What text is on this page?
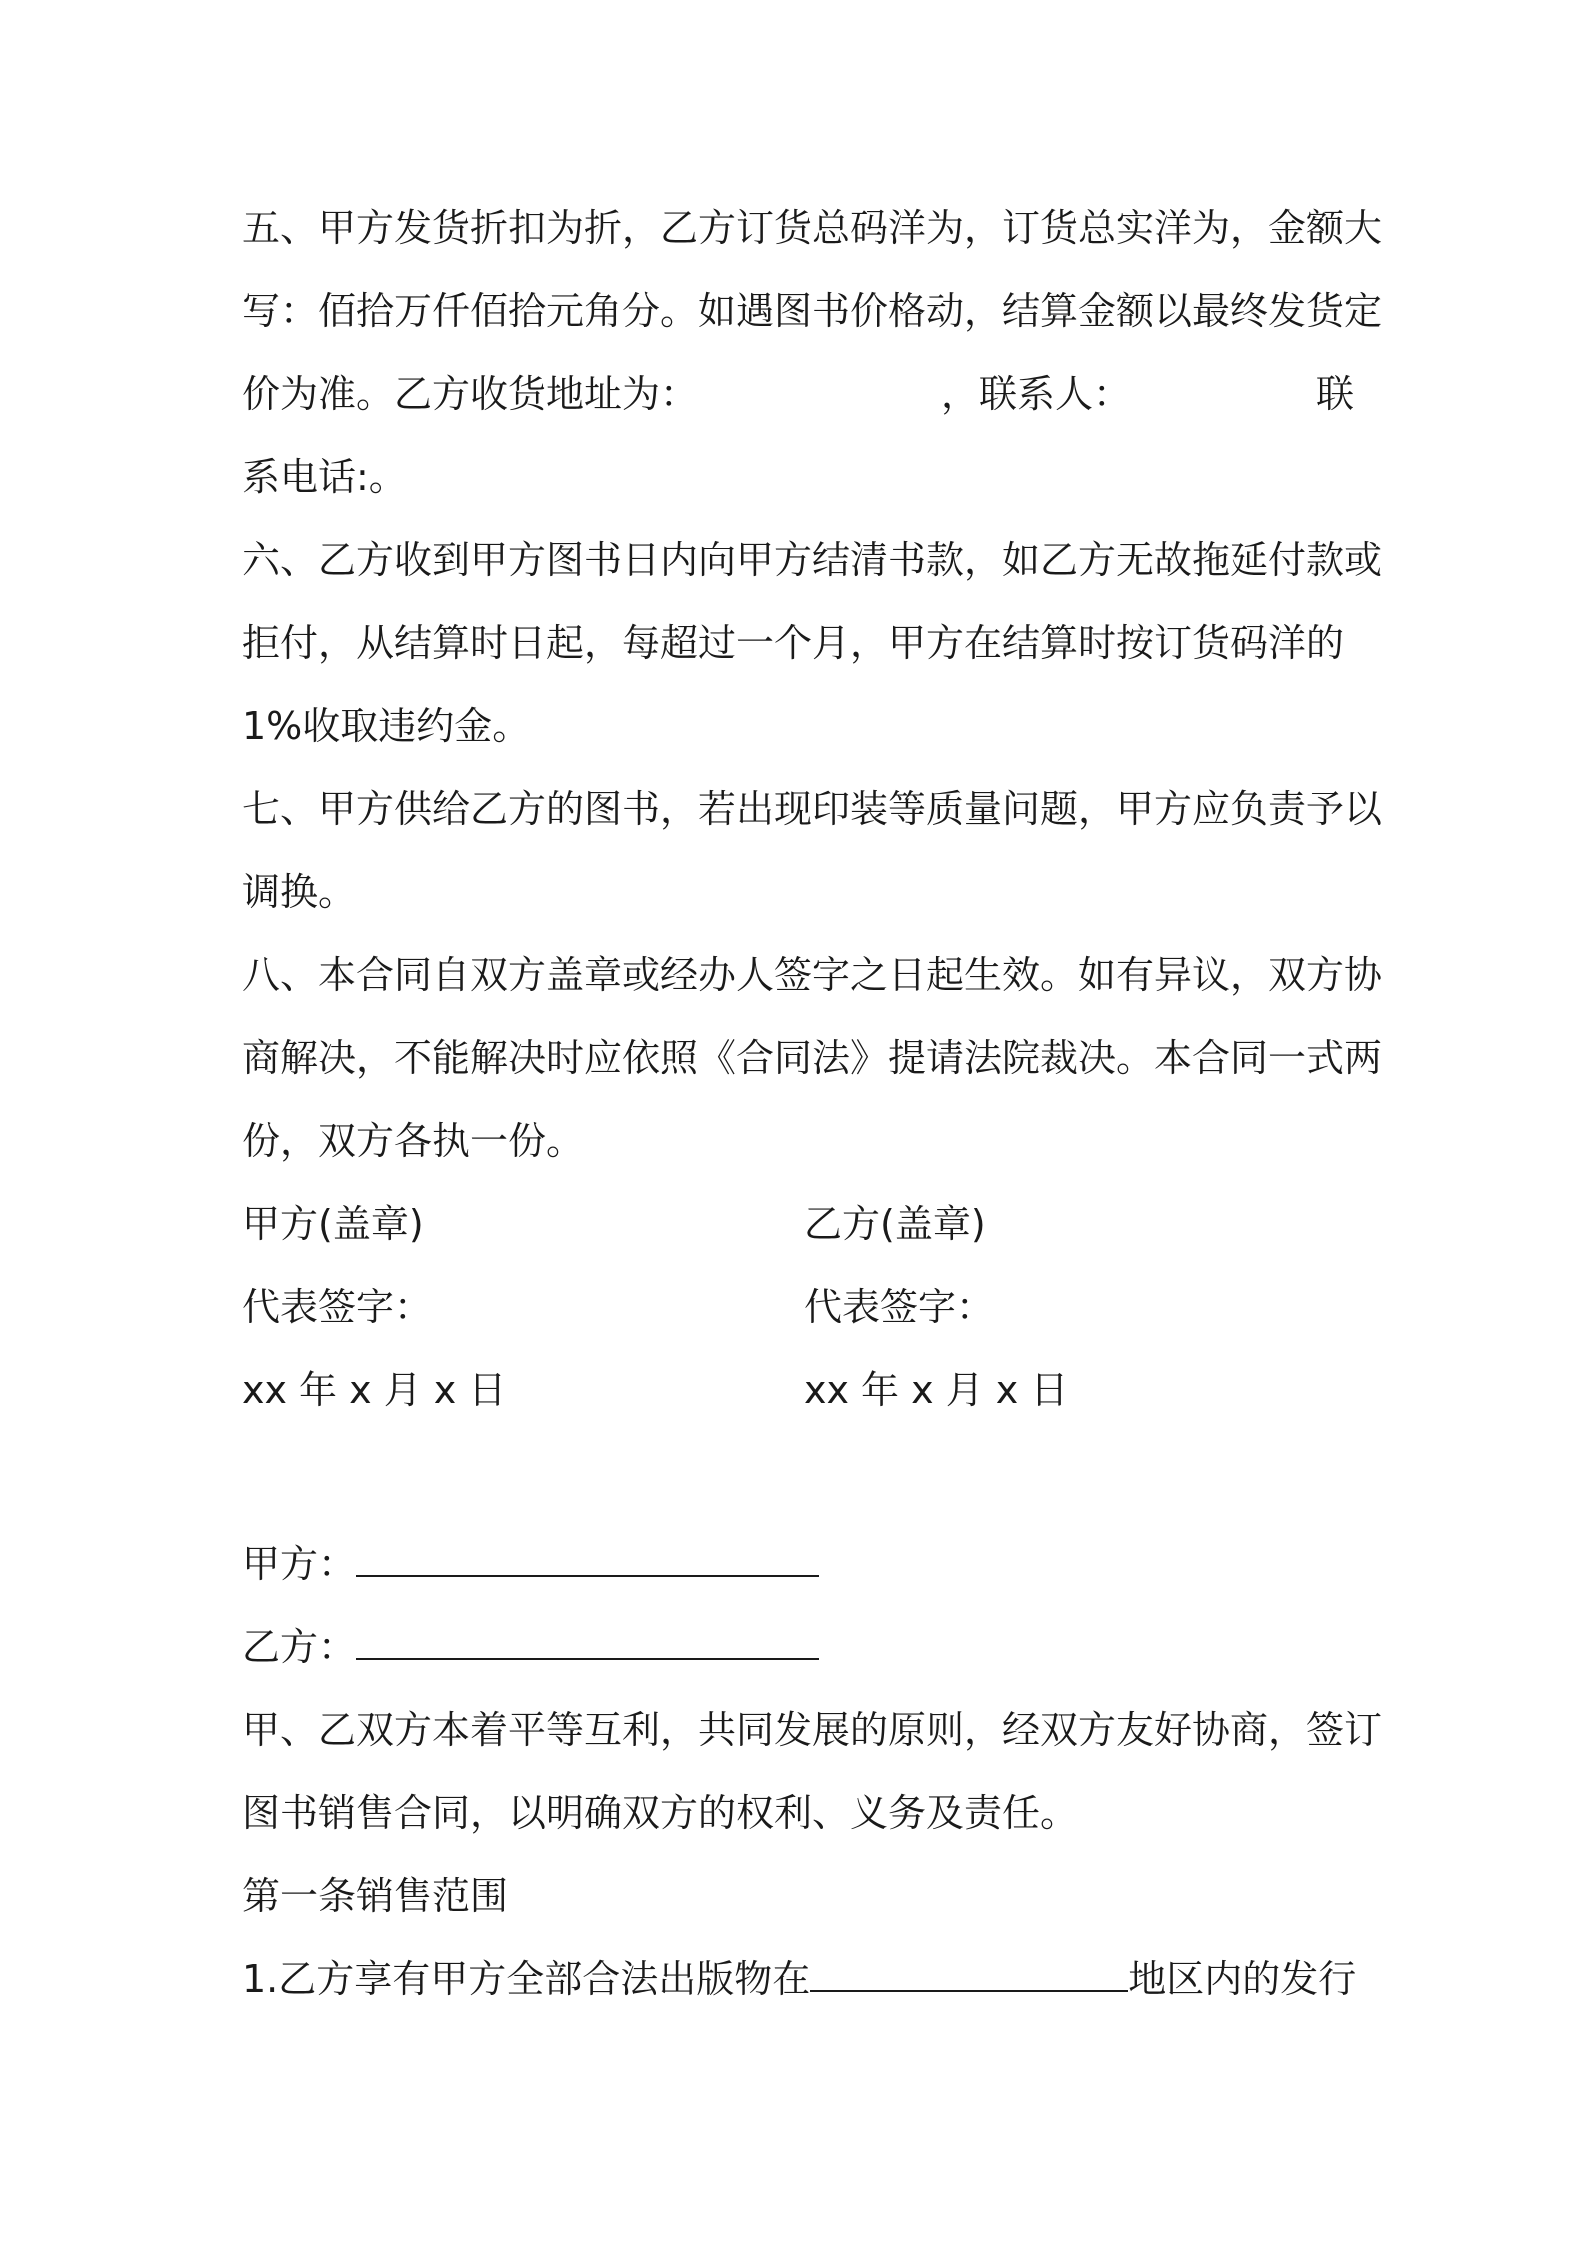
五、甲方发货折扣为折，乙方订货总码洋为，订货总实洋为，金额大
写：佰拾万仟佰拾元角分。如遇图书价格动，结算金额以最终发货定
价为准。乙方收货地址为：	，联系人：	联
系电话:。
六、乙方收到甲方图书日内向甲方结清书款，如乙方无故拖延付款或
拒付，从结算时日起，每超过一个月，甲方在结算时按订货码洋的
1%收取违约金。
七、甲方供给乙方的图书，若出现印装等质量问题，甲方应负责予以
调换。
八、本合同自双方盖章或经办人签字之日起生效。如有异议，双方协
商解决，不能解决时应依照《合同法》提请法院裁决。本合同一式两
份，双方各执一份。
甲方(盖章)	乙方(盖章)
代表签字：	代表签字：
xx 年 x 月 x 日	xx 年 x 月 x 日
甲方：
乙方：
甲、乙双方本着平等互利，共同发展的原则，经双方友好协商，签订
图书销售合同，以明确双方的权利、义务及责任。
第一条销售范围
1.乙方享有甲方全部合法出版物在	地区内的发行
